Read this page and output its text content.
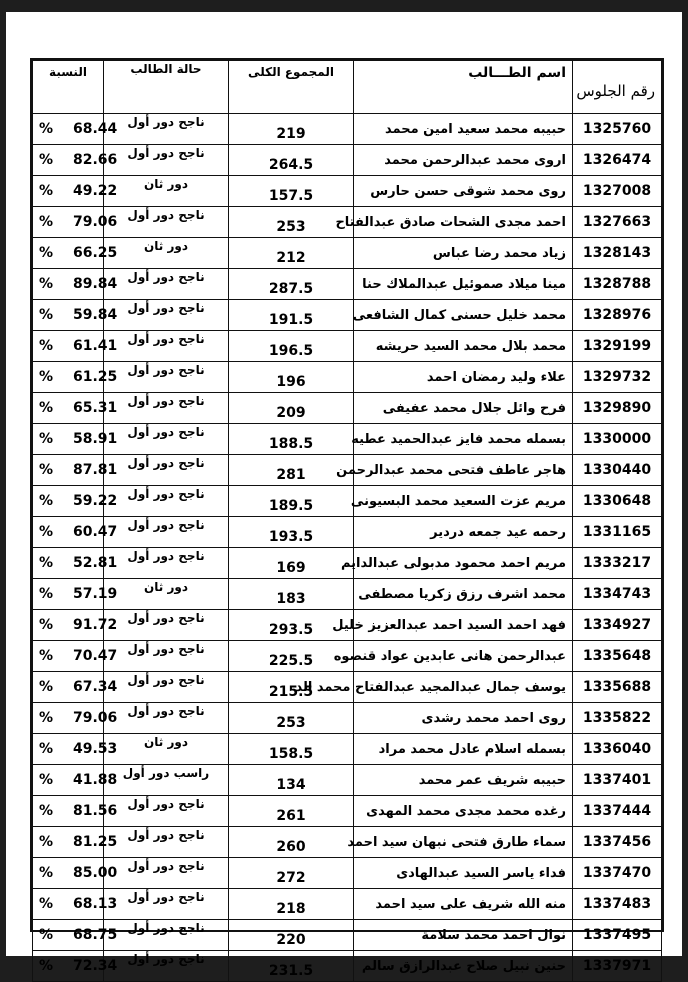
رقم الجلوس	اسم الطـــالب	المجموع الكلى	حالة الطالب	النسبة
1325760	حبيبه محمد سعيد امين محمد	219	ناجح دور أول	% 68.44
1326474	اروى محمد عبدالرحمن محمد	264.5	ناجح دور أول	% 82.66
1327008	روى محمد شوقى حسن حارس	157.5	دور ثان	% 49.22
1327663	احمد مجدى الشحات صادق عبدالفتاح	253	ناجح دور أول	% 79.06
1328143	زياد محمد رضا عباس	212	دور ثان	% 66.25
1328788	مينا ميلاد صموئيل عبدالملاك حنا	287.5	ناجح دور أول	% 89.84
1328976	محمد خليل حسنى كمال الشافعى	191.5	ناجح دور أول	% 59.84
1329199	محمد بلال محمد السيد حريشه	196.5	ناجح دور أول	% 61.41
1329732	علاء وليد رمضان احمد	196	ناجح دور أول	% 61.25
1329890	فرح وائل جلال محمد عفيفى	209	ناجح دور أول	% 65.31
1330000	بسمله محمد فايز عبدالحميد عطيه	188.5	ناجح دور أول	% 58.91
1330440	هاجر عاطف فتحى محمد عبدالرحمن	281	ناجح دور أول	% 87.81
1330648	مريم عزت السعيد محمد البسيونى	189.5	ناجح دور أول	% 59.22
1331165	رحمه عيد جمعه دردير	193.5	ناجح دور أول	% 60.47
1333217	مريم احمد محمود مدبولى عبدالدايم	169	ناجح دور أول	% 52.81
1334743	محمد اشرف رزق زكريا مصطفى	183	دور ثان	% 57.19
1334927	فهد احمد السيد احمد عبدالعزيز خليل	293.5	ناجح دور أول	% 91.72
1335648	عبدالرحمن هانى عابدين عواد قنصوه	225.5	ناجح دور أول	% 70.47
1335688	يوسف جمال عبدالمجيد عبدالفتاح محمد الد	215.5	ناجح دور أول	% 67.34
1335822	روى احمد محمد رشدى	253	ناجح دور أول	% 79.06
1336040	بسمله اسلام عادل محمد مراد	158.5	دور ثان	% 49.53
1337401	حبيبه شريف عمر محمد	134	راسب دور أول	% 41.88
1337444	رغده محمد مجدى محمد المهدى	261	ناجح دور أول	% 81.56
1337456	سماء طارق فتحى نبهان سيد احمد	260	ناجح دور أول	% 81.25
1337470	فداء ياسر السيد عبدالهادى	272	ناجح دور أول	% 85.00
1337483	منه الله شريف على سيد احمد	218	ناجح دور أول	% 68.13
1337495	نوال احمد محمد سلامة	220	ناجح دور أول	% 68.75
1337971	حنين نبيل صلاح عبدالرازق سالم	231.5	ناجح دور أول	% 72.34
